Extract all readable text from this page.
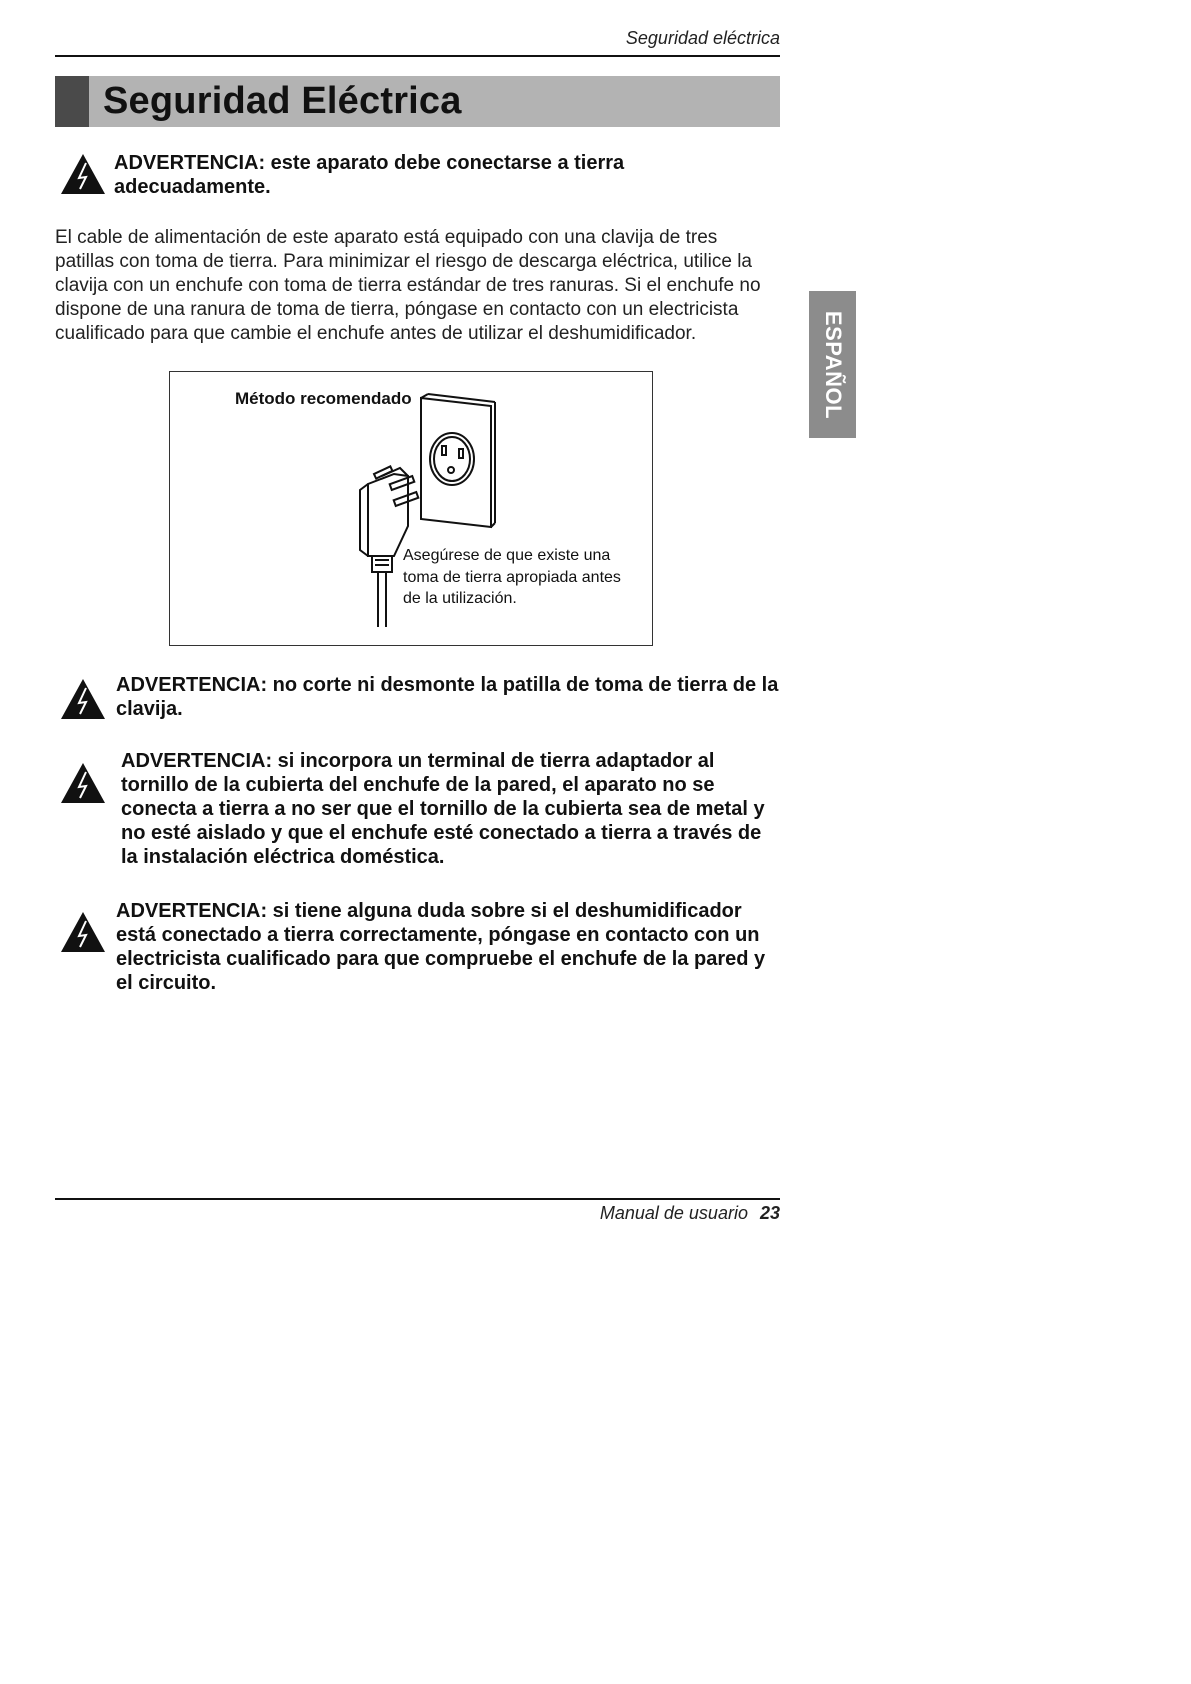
Seguridad eléctrica
Seguridad Eléctrica
ESPAÑOL
ADVERTENCIA: este aparato debe conectarse a tierra adecuadamente.
El cable de alimentación de este aparato está equipado con una clavija de tres patillas con toma de tierra. Para minimizar el riesgo de descarga eléctrica, utilice la clavija con un enchufe con toma de tierra estándar de tres ranuras. Si el enchufe no dispone de una ranura de toma de tierra, póngase en contacto con un electricista cualificado para que cambie el enchufe antes de utilizar el deshumidificador.
Método recomendado
Asegúrese de que existe una toma de tierra apropiada antes de la utilización.
ADVERTENCIA: no corte ni desmonte la patilla de toma de tierra de la clavija.
ADVERTENCIA: si incorpora un terminal de tierra adaptador al tornillo de la cubierta del enchufe de la pared, el aparato no se conecta a tierra a no ser que el tornillo de la cubierta sea de metal y no esté aislado y que el enchufe esté conectado a tierra a través de la instalación eléctrica doméstica.
ADVERTENCIA: si tiene alguna duda sobre si el deshumidificador está conectado a tierra correctamente, póngase en contacto con un electricista cualificado para que compruebe el enchufe de la pared y el circuito.
Manual de usuario 23
